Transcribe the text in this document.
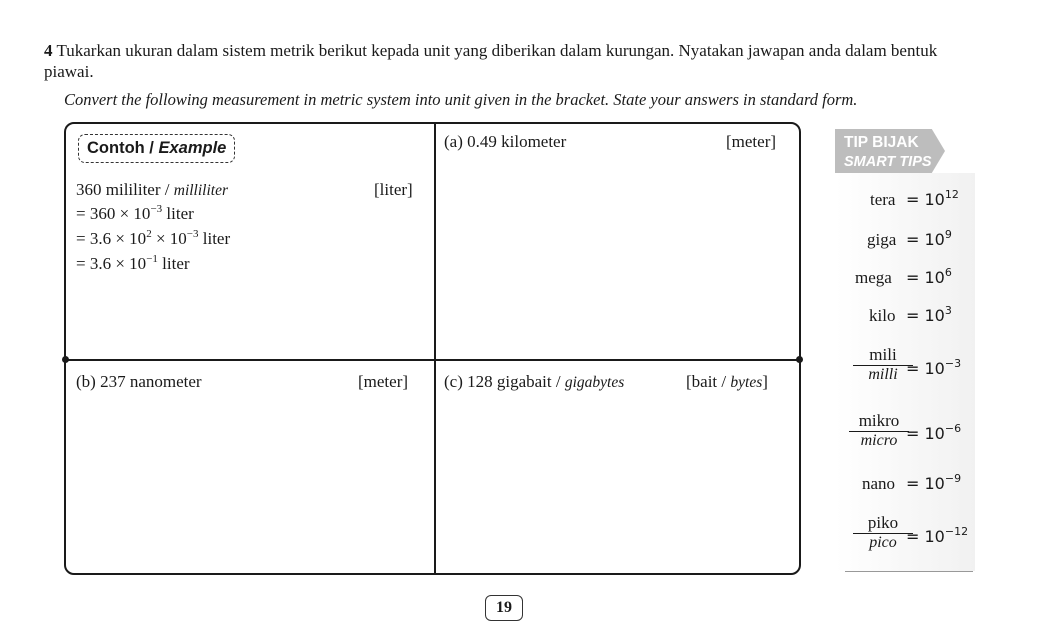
4 Tukarkan ukuran dalam sistem metrik berikut kepada unit yang diberikan dalam kurungan. Nyatakan jawapan anda dalam bentuk piawai.
Convert the following measurement in metric system into unit given in the bracket. State your answers in standard form.
Contoh / Example
360 mililiter / milliliter	[liter]
= $360 \times 10^{-3}$ liter
= $3.6 \times 10^2 \times 10^{-3}$ liter
= $3.6 \times 10^{-1}$ liter
(a) 0.49 kilometer	[meter]
(b) 237 nanometer	[meter] (c) 128 gigabait / gigabytes	[bait / bytes]
TIP BIJAK
SMART TIPS
tera = $10^{12}$
giga = $10^9$
mega = $10^6$
kilo = $10^3$
mili
milli = $10^{-3}$
mikro
micro = $10^{-6}$
nano = $10^{-9}$
piko
pico = $10^{-12}$
19
